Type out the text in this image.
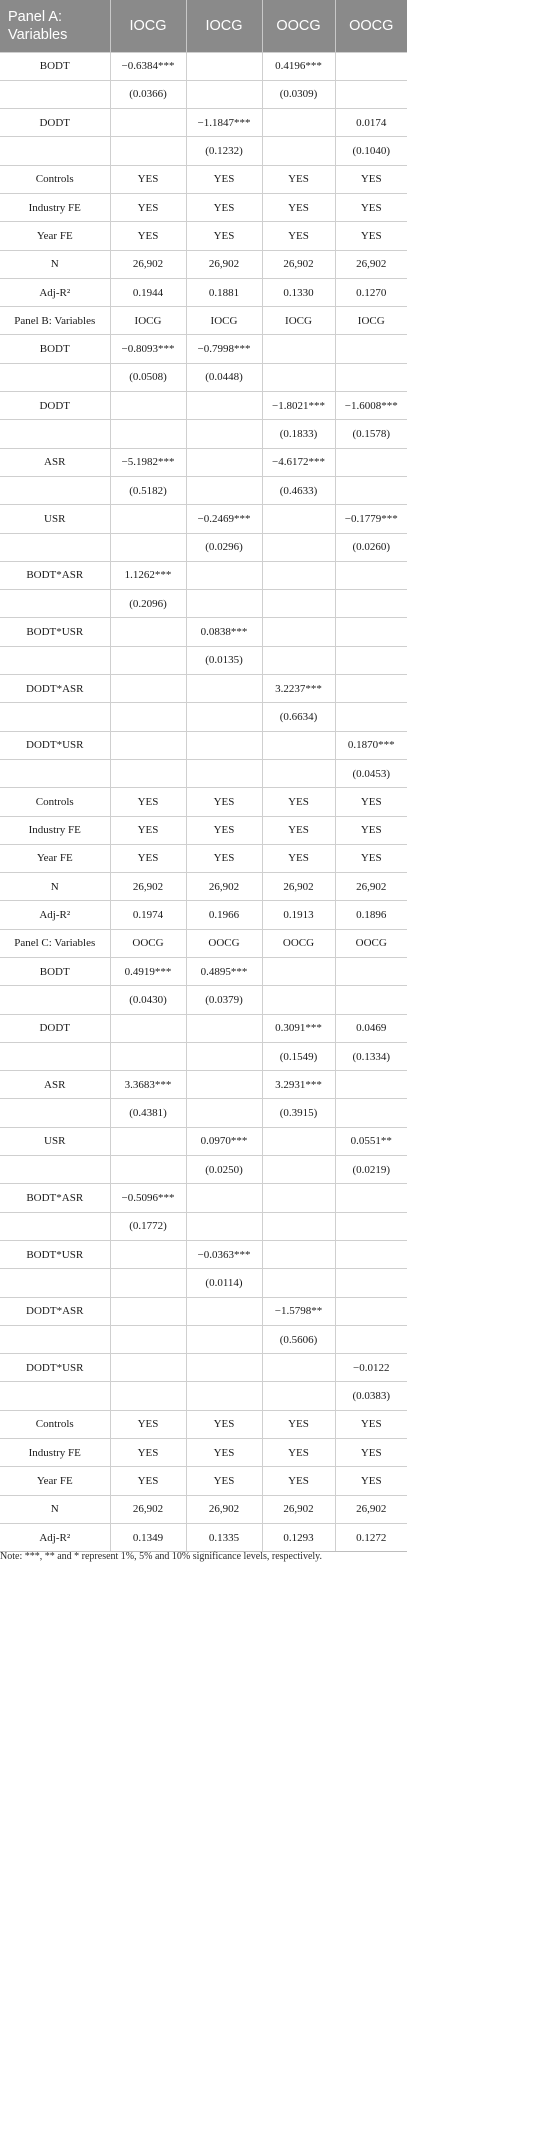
Panel A: Variables	IOCG	IOCG	OOCG	OOCG
BODT	−0.6384***		0.4196***	
	(0.0366)		(0.0309)	
DODT		−1.1847***		0.0174
		(0.1232)		(0.1040)
Controls	YES	YES	YES	YES
Industry FE	YES	YES	YES	YES
Year FE	YES	YES	YES	YES
N	26,902	26,902	26,902	26,902
Adj-R²	0.1944	0.1881	0.1330	0.1270
Panel B: Variables	IOCG	IOCG	IOCG	IOCG
BODT	−0.8093***	−0.7998***		
	(0.0508)	(0.0448)		
DODT			−1.8021***	−1.6008***
			(0.1833)	(0.1578)
ASR	−5.1982***		−4.6172***	
	(0.5182)		(0.4633)	
USR		−0.2469***		−0.1779***
		(0.0296)		(0.0260)
BODT*ASR	1.1262***			
	(0.2096)			
BODT*USR		0.0838***		
		(0.0135)		
DODT*ASR			3.2237***	
			(0.6634)	
DODT*USR				0.1870***
				(0.0453)
Controls	YES	YES	YES	YES
Industry FE	YES	YES	YES	YES
Year FE	YES	YES	YES	YES
N	26,902	26,902	26,902	26,902
Adj-R²	0.1974	0.1966	0.1913	0.1896
Panel C: Variables	OOCG	OOCG	OOCG	OOCG
BODT	0.4919***	0.4895***		
	(0.0430)	(0.0379)		
DODT			0.3091***	0.0469
			(0.1549)	(0.1334)
ASR	3.3683***		3.2931***	
	(0.4381)		(0.3915)	
USR		0.0970***		0.0551**
		(0.0250)		(0.0219)
BODT*ASR	−0.5096***			
	(0.1772)			
BODT*USR		−0.0363***		
		(0.0114)		
DODT*ASR			−1.5798**	
			(0.5606)	
DODT*USR				−0.0122
				(0.0383)
Controls	YES	YES	YES	YES
Industry FE	YES	YES	YES	YES
Year FE	YES	YES	YES	YES
N	26,902	26,902	26,902	26,902
Adj-R²	0.1349	0.1335	0.1293	0.1272
Note: ***, ** and * represent 1%, 5% and 10% significance levels, respectively.
